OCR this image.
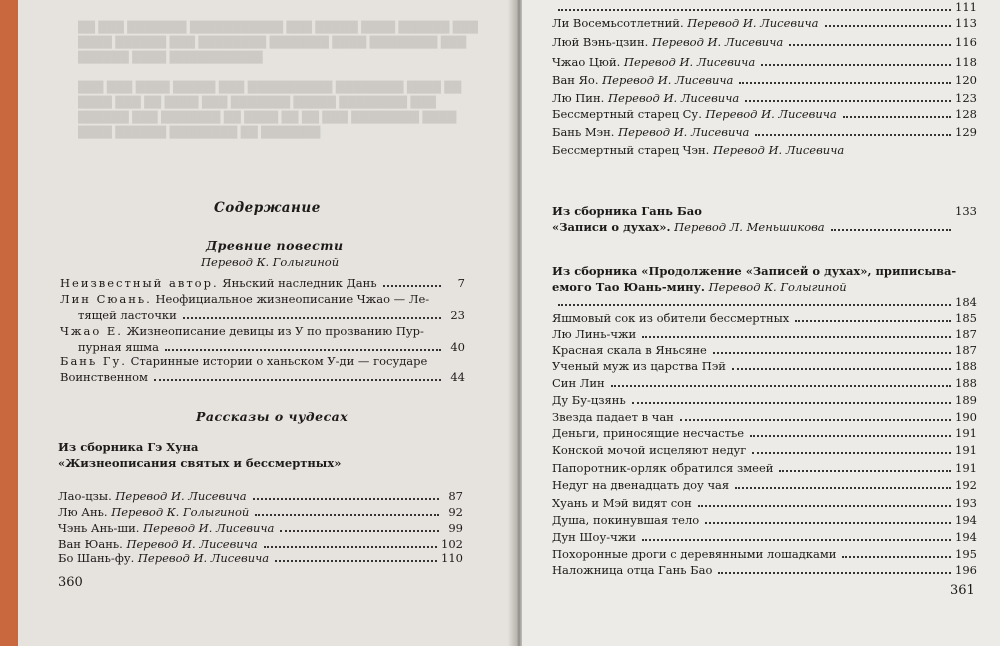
██ ███ ███████ ███████████ ███ █████ ████ ██████ ███
████ ██████ ███ ████████ ███████ ████ ████████ ███
██████ ████ ███████████

███ ███ ████ █████ ███ ██████████ ████████ ████ ██
████ ███ ██ ████ ███ ███████ █████ ████████ ███
██████ ███ ███████ ██ ████ ██ ██ ███ ████████ ████
████ ██████ ████████ ██ ███████
Содержание
Древние повести
Перевод К. Голыгиной
Неизвестный автор. Яньский наследник Дань	7
Лин Сюань. Неофициальное жизнеописание Чжао — Ле-
тящей ласточки	23
Чжао Е. Жизнеописание девицы из У по прозванию Пур-
пурная яшма	40
Бань Гу. Старинные истории о ханьском У-ди — государе
Воинственном	44
Рассказы о чудесах
Из сборника Гэ Хуна
«Жизнеописания святых и бессмертных»
Лао-цзы. Перевод И. Лисевича	87
Лю Ань. Перевод К. Голыгиной	92
Чэнь Ань-ши. Перевод И. Лисевича	99
Ван Юань. Перевод И. Лисевича	102
Бо Шань-фу. Перевод И. Лисевича	110
360
111
Ли Восемьсотлетний. Перевод И. Лисевича	113
Люй Вэнь-цзин. Перевод И. Лисевича	116
Чжао Цюй. Перевод И. Лисевича	118
Ван Яо. Перевод И. Лисевича	120
Лю Пин. Перевод И. Лисевича	123
Бессмертный старец Су. Перевод И. Лисевича	128
Бань Мэн. Перевод И. Лисевича	129
Бессмертный старец Чэн. Перевод И. Лисевича
Из сборника Гань Бао
«Записи о духах». Перевод Л. Меньшикова
133
Из сборника «Продолжение «Записей о духах», приписыва-
емого Тао Юань-мину. Перевод К. Голыгиной
184
Яшмовый сок из обители бессмертных	185
Лю Линь-чжи	187
Красная скала в Яньсяне	187
Ученый муж из царства Пэй	188
Син Лин	188
Ду Бу-цзянь	189
Звезда падает в чан	190
Деньги, приносящие несчастье	191
Конской мочой исцеляют недуг	191
Папоротник-орляк обратился змеей	191
Недуг на двенадцать доу чая	192
Хуань и Мэй видят сон	193
Душа, покинувшая тело	194
Дун Шоу-чжи	194
Похоронные дроги с деревянными лошадками	195
Наложница отца Гань Бао	196
361
